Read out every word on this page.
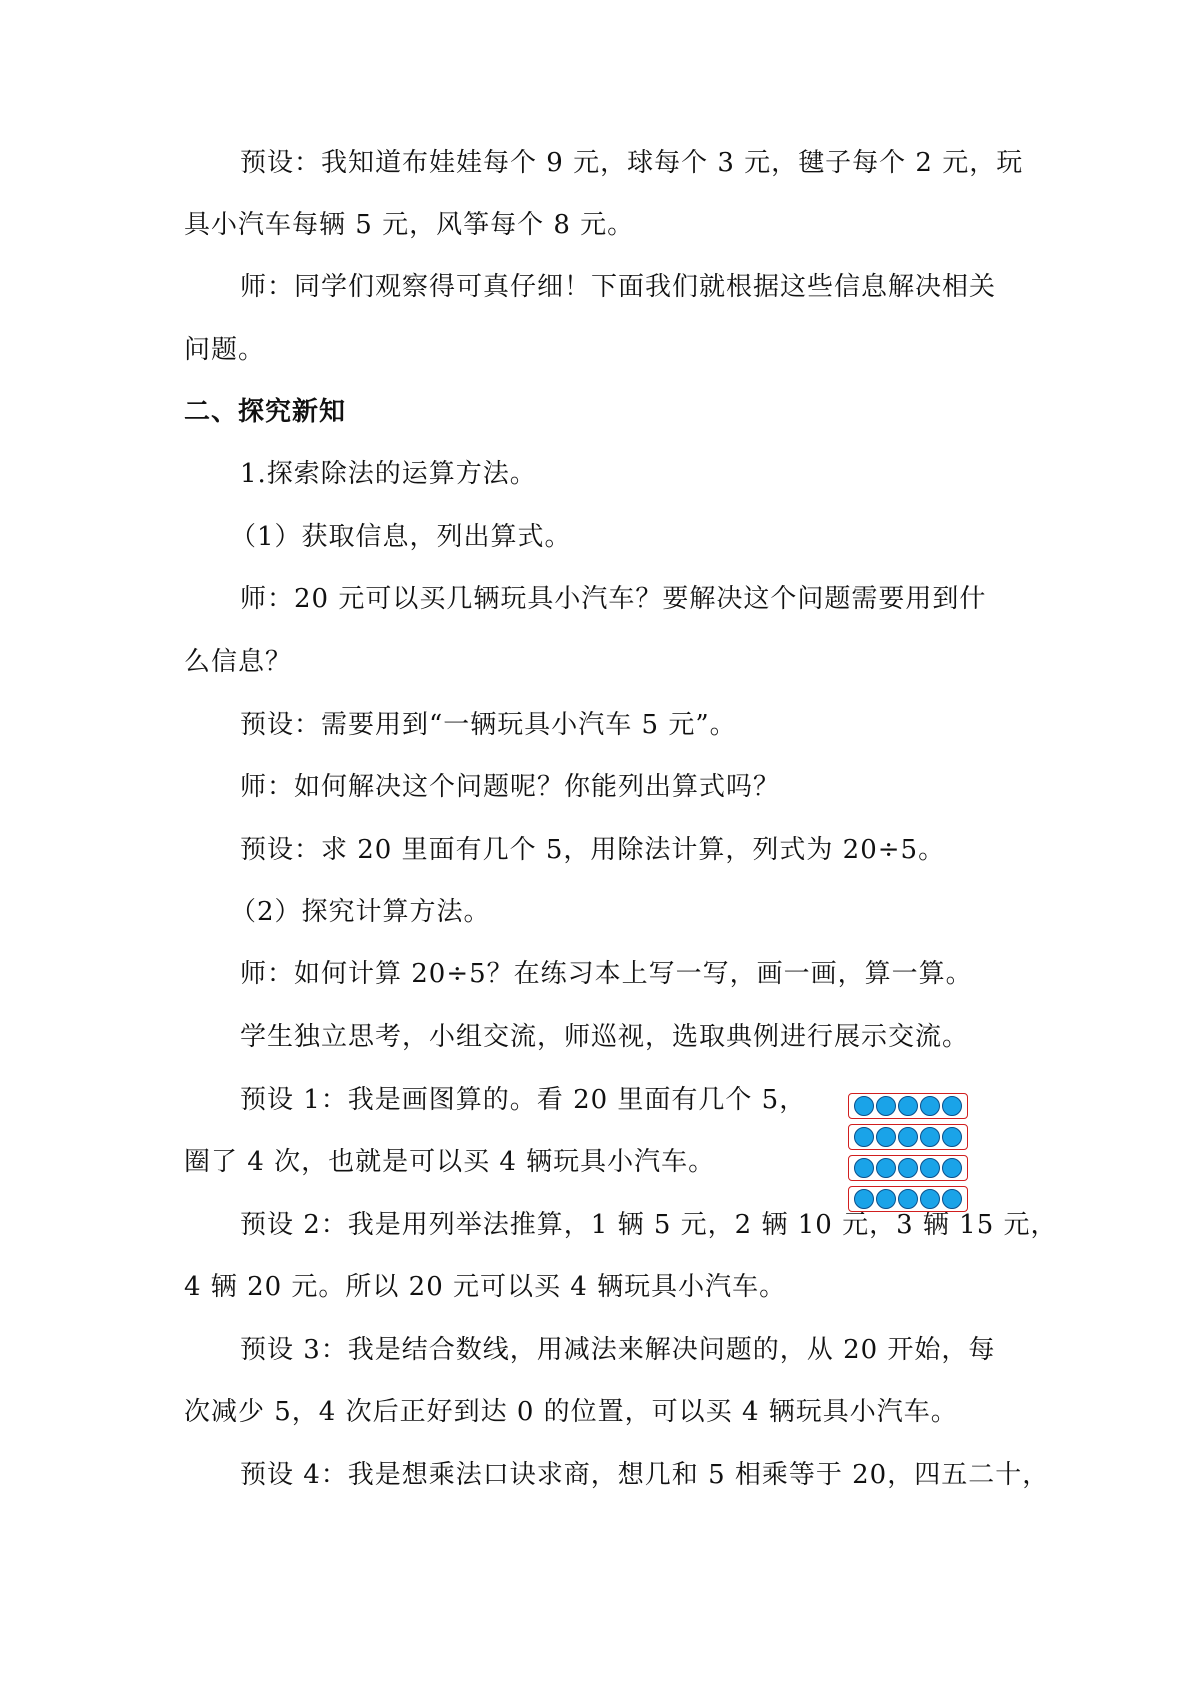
预设：我知道布娃娃每个 9 元，球每个 3 元，毽子每个 2 元，玩
具小汽车每辆 5 元，风筝每个 8 元。
师：同学们观察得可真仔细！下面我们就根据这些信息解决相关
问题。
二、探究新知
1.探索除法的运算方法。
（1）获取信息，列出算式。
师：20 元可以买几辆玩具小汽车？要解决这个问题需要用到什
么信息？
预设：需要用到“一辆玩具小汽车 5 元”。
师：如何解决这个问题呢？你能列出算式吗？
预设：求 20 里面有几个 5，用除法计算，列式为 20÷5。
（2）探究计算方法。
师：如何计算 20÷5？在练习本上写一写，画一画，算一算。
学生独立思考，小组交流，师巡视，选取典例进行展示交流。
预设 1：我是画图算的。看 20 里面有几个 5，
圈了 4 次，也就是可以买 4 辆玩具小汽车。
预设 2：我是用列举法推算，1 辆 5 元，2 辆 10 元，3 辆 15 元，
4 辆 20 元。所以 20 元可以买 4 辆玩具小汽车。
预设 3：我是结合数线，用减法来解决问题的，从 20 开始，每
次减少 5，4 次后正好到达 0 的位置，可以买 4 辆玩具小汽车。
预设 4：我是想乘法口诀求商，想几和 5 相乘等于 20，四五二十，
